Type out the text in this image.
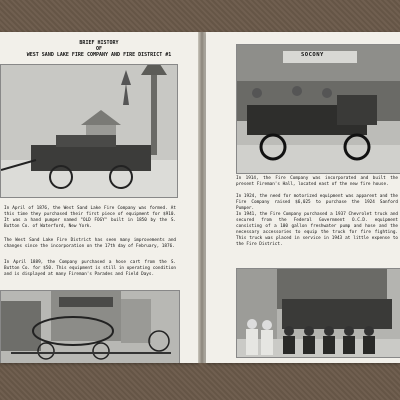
BRIEF HISTORY
OF
WEST SAND LAKE FIRE COMPANY AND FIRE DISTRICT #1
In April of 1876, the West Sand Lake Fire Company was formed. At this time they purchased their first piece of equipment for $910. It was a hand pumper named "OLD FOGY" built in 1850 by the S. Button Co. of Waterford, New York.
The West Sand Lake Fire District has seen many improvements and changes since the incorporation on the 17th day of February, 1876.
In April 1889, the Company purchased a hose cart from the S. Button Co. for $50. This equipment is still in operating condition and is displayed at many Fireman's Parades and Field Days.
SOCONY
In 1914, the Fire Company was incorporated and built the present Fireman's Hall, located east of the new fire house.
In 1924, the need for motorized equipment was apparent and the Fire Company raised $6,025 to purchase the 1924 Sanford Pumper.
In 1941, the Fire Company purchased a 1937 Chevrolet truck and secured from the Federal Government O.C.D. equipment consisting of a 100 gallon freshwater pump and hose and the necessary accessories to equip the truck for fire fighting. This truck was placed in service in 1943 at little expense to the Fire District.
